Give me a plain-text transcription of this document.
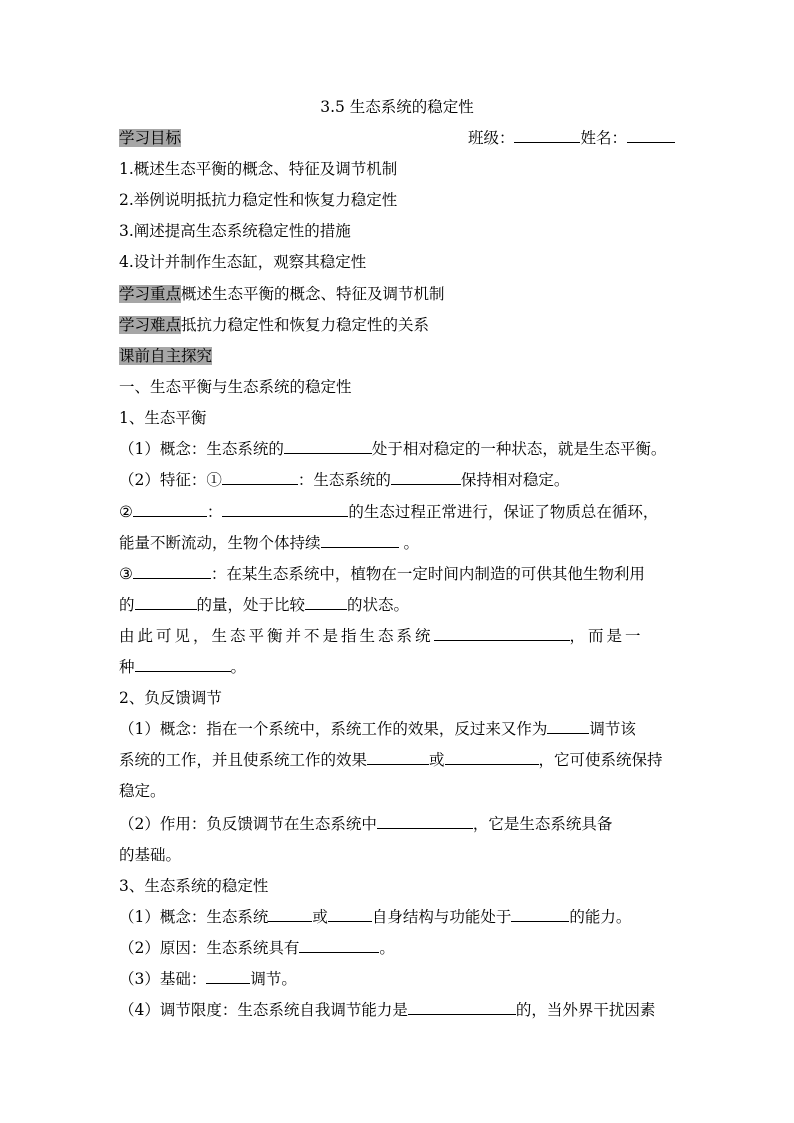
3.5 生态系统的稳定性
学习目标	班级：	姓名：
1.概述生态平衡的概念、特征及调节机制
2.举例说明抵抗力稳定性和恢复力稳定性
3.阐述提高生态系统稳定性的措施
4.设计并制作生态缸，观察其稳定性
学习重点概述生态平衡的概念、特征及调节机制
学习难点抵抗力稳定性和恢复力稳定性的关系
课前自主探究
一、生态平衡与生态系统的稳定性
1、生态平衡
（1）概念：生态系统的	处于相对稳定的一种状态，就是生态平衡。
（2）特征：①	：生态系统的	保持相对稳定。
②	：	的生态过程正常进行，保证了物质总在循环，
能量不断流动，生物个体持续	。
③	：在某生态系统中，植物在一定时间内制造的可供其他生物利用
的	的量，处于比较	的状态。
由此可见，生态平衡并不是指生态系统	，而是一
种	。
2、负反馈调节
（1）概念：指在一个系统中，系统工作的效果，反过来又作为	调节该
系统的工作，并且使系统工作的效果	或	，它可使系统保持
稳定。
（2）作用：负反馈调节在生态系统中	，它是生态系统具备
的基础。
3、生态系统的稳定性
（1）概念：生态系统	或	自身结构与功能处于	的能力。
（2）原因：生态系统具有	。
（3）基础：	调节。
（4）调节限度：生态系统自我调节能力是	的，当外界干扰因素
